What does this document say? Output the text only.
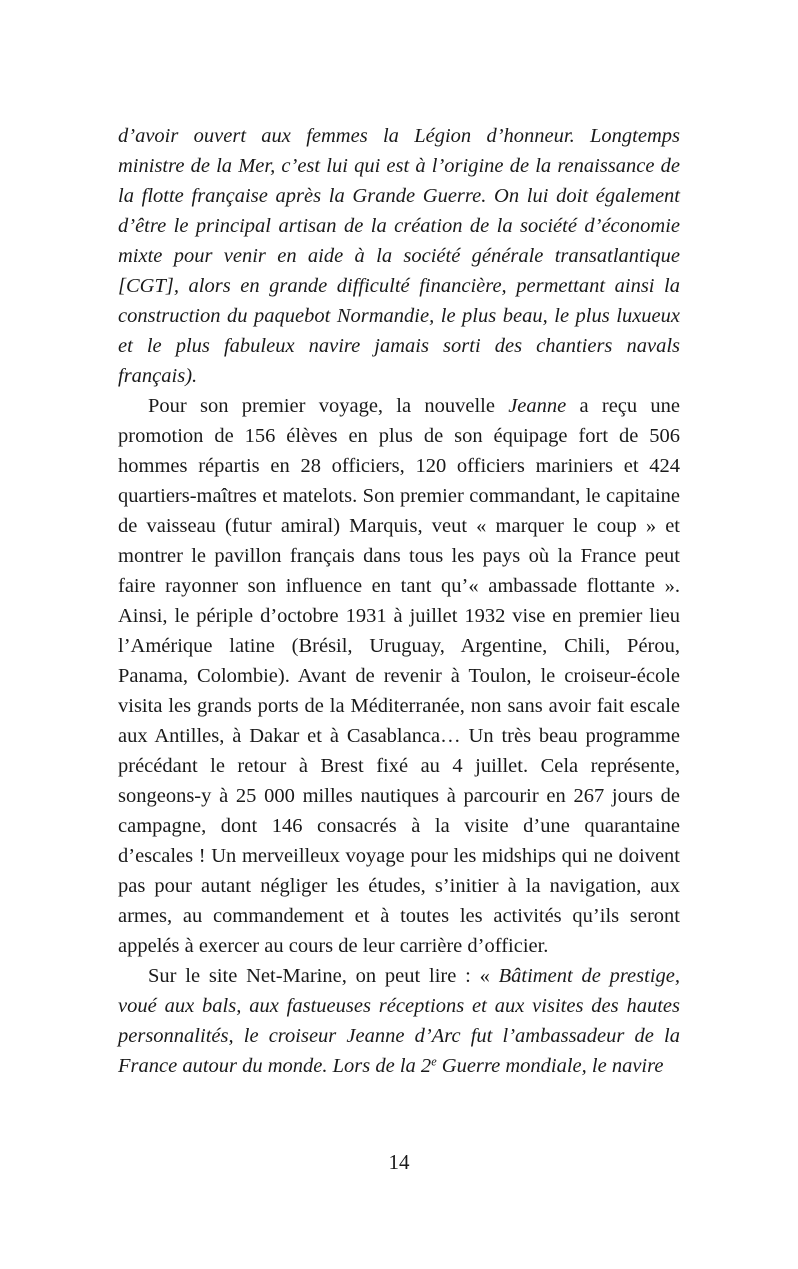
d’avoir ouvert aux femmes la Légion d’honneur. Longtemps ministre de la Mer, c’est lui qui est à l’origine de la renaissance de la flotte française après la Grande Guerre. On lui doit également d’être le principal artisan de la création de la société d’économie mixte pour venir en aide à la société générale transatlantique [CGT], alors en grande difficulté financière, permettant ainsi la construction du paquebot Normandie, le plus beau, le plus luxueux et le plus fabuleux navire jamais sorti des chantiers navals français).

Pour son premier voyage, la nouvelle Jeanne a reçu une promotion de 156 élèves en plus de son équipage fort de 506 hommes répartis en 28 officiers, 120 officiers mariniers et 424 quartiers-maîtres et matelots. Son premier commandant, le capitaine de vaisseau (futur amiral) Marquis, veut « marquer le coup » et montrer le pavillon français dans tous les pays où la France peut faire rayonner son influence en tant qu’« ambassade flottante ». Ainsi, le périple d’octobre 1931 à juillet 1932 vise en premier lieu l’Amérique latine (Brésil, Uruguay, Argentine, Chili, Pérou, Panama, Colombie). Avant de revenir à Toulon, le croiseur-école visita les grands ports de la Méditerranée, non sans avoir fait escale aux Antilles, à Dakar et à Casablanca… Un très beau programme précédant le retour à Brest fixé au 4 juillet. Cela représente, songeons-y à 25 000 milles nautiques à parcourir en 267 jours de campagne, dont 146 consacrés à la visite d’une quarantaine d’escales ! Un merveilleux voyage pour les midships qui ne doivent pas pour autant négliger les études, s’initier à la navigation, aux armes, au commandement et à toutes les activités qu’ils seront appelés à exercer au cours de leur carrière d’officier.

Sur le site Net-Marine, on peut lire : « Bâtiment de prestige, voué aux bals, aux fastueuses réceptions et aux visites des hautes personnalités, le croiseur Jeanne d’Arc fut l’ambassadeur de la France autour du monde. Lors de la 2e Guerre mondiale, le navire

14
